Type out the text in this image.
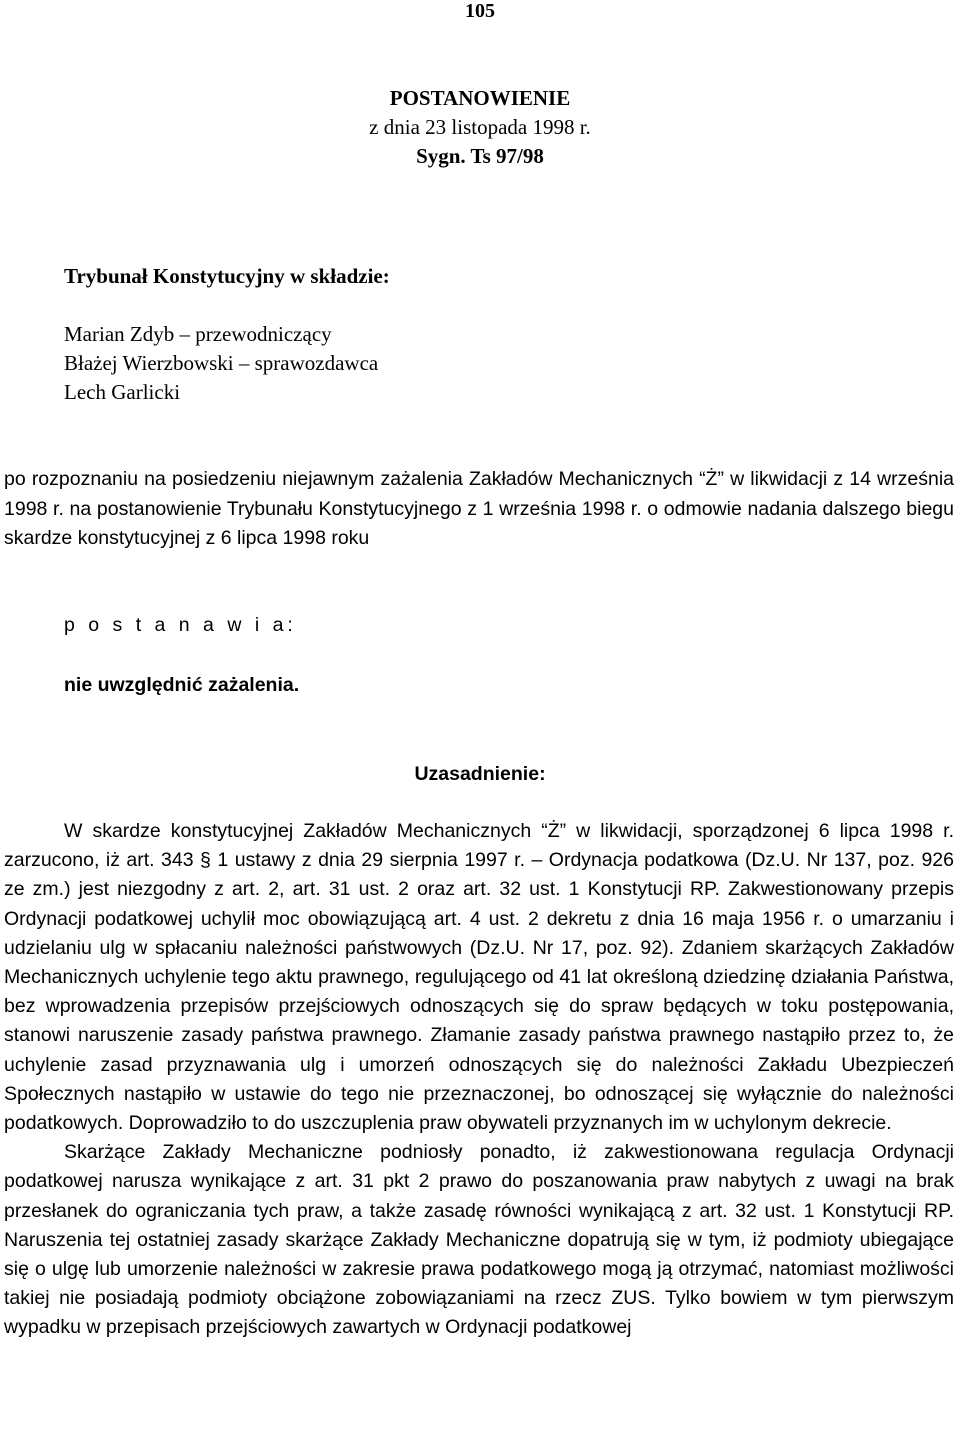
105
POSTANOWIENIE
z dnia 23 listopada 1998 r.
Sygn. Ts 97/98
Trybunał Konstytucyjny w składzie:
Marian Zdyb – przewodniczący
Błażej Wierzbowski – sprawozdawca
Lech Garlicki
po rozpoznaniu na posiedzeniu niejawnym zażalenia Zakładów Mechanicznych “Ż” w likwidacji z 14 września 1998 r. na postanowienie Trybunału Konstytucyjnego z 1 września 1998 r. o odmowie nadania dalszego biegu skardze konstytucyjnej z 6 lipca 1998 roku
p o s t a n a w i a:
nie uwzględnić zażalenia.
Uzasadnienie:

W skardze konstytucyjnej Zakładów Mechanicznych “Ż” w likwidacji, sporządzonej 6 lipca 1998 r. zarzucono, iż art. 343 § 1 ustawy z dnia 29 sierpnia 1997 r. – Ordynacja podatkowa (Dz.U. Nr 137, poz. 926 ze zm.) jest niezgodny z art. 2, art. 31 ust. 2 oraz art. 32 ust. 1 Konstytucji RP. Zakwestionowany przepis Ordynacji podatkowej uchylił moc obowiązującą art. 4 ust. 2 dekretu z dnia 16 maja 1956 r. o umarzaniu i udzielaniu ulg w spłacaniu należności państwowych (Dz.U. Nr 17, poz. 92). Zdaniem skarżących Zakładów Mechanicznych uchylenie tego aktu prawnego, regulującego od 41 lat określoną dziedzinę działania Państwa, bez wprowadzenia przepisów przejściowych odnoszących się do spraw będących w toku postępowania, stanowi naruszenie zasady państwa prawnego. Złamanie zasady państwa prawnego nastąpiło przez to, że uchylenie zasad przyznawania ulg i umorzeń odnoszących się do należności Zakładu Ubezpieczeń Społecznych nastąpiło w ustawie do tego nie przeznaczonej, bo odnoszącej się wyłącznie do należności podatkowych. Doprowadziło to do uszczuplenia praw obywateli przyznanych im w uchylonym dekrecie.

Skarżące Zakłady Mechaniczne podniosły ponadto, iż zakwestionowana regulacja Ordynacji podatkowej narusza wynikające z art. 31 pkt 2 prawo do poszanowania praw nabytych z uwagi na brak przesłanek do ograniczania tych praw, a także zasadę równości wynikającą z art. 32 ust. 1 Konstytucji RP. Naruszenia tej ostatniej zasady skarżące Zakłady Mechaniczne dopatrują się w tym, iż podmioty ubiegające się o ulgę lub umorzenie należności w zakresie prawa podatkowego mogą ją otrzymać, natomiast możliwości takiej nie posiadają podmioty obciążone zobowiązaniami na rzecz ZUS. Tylko bowiem w tym pierwszym wypadku w przepisach przejściowych zawartych w Ordynacji podatkowej
